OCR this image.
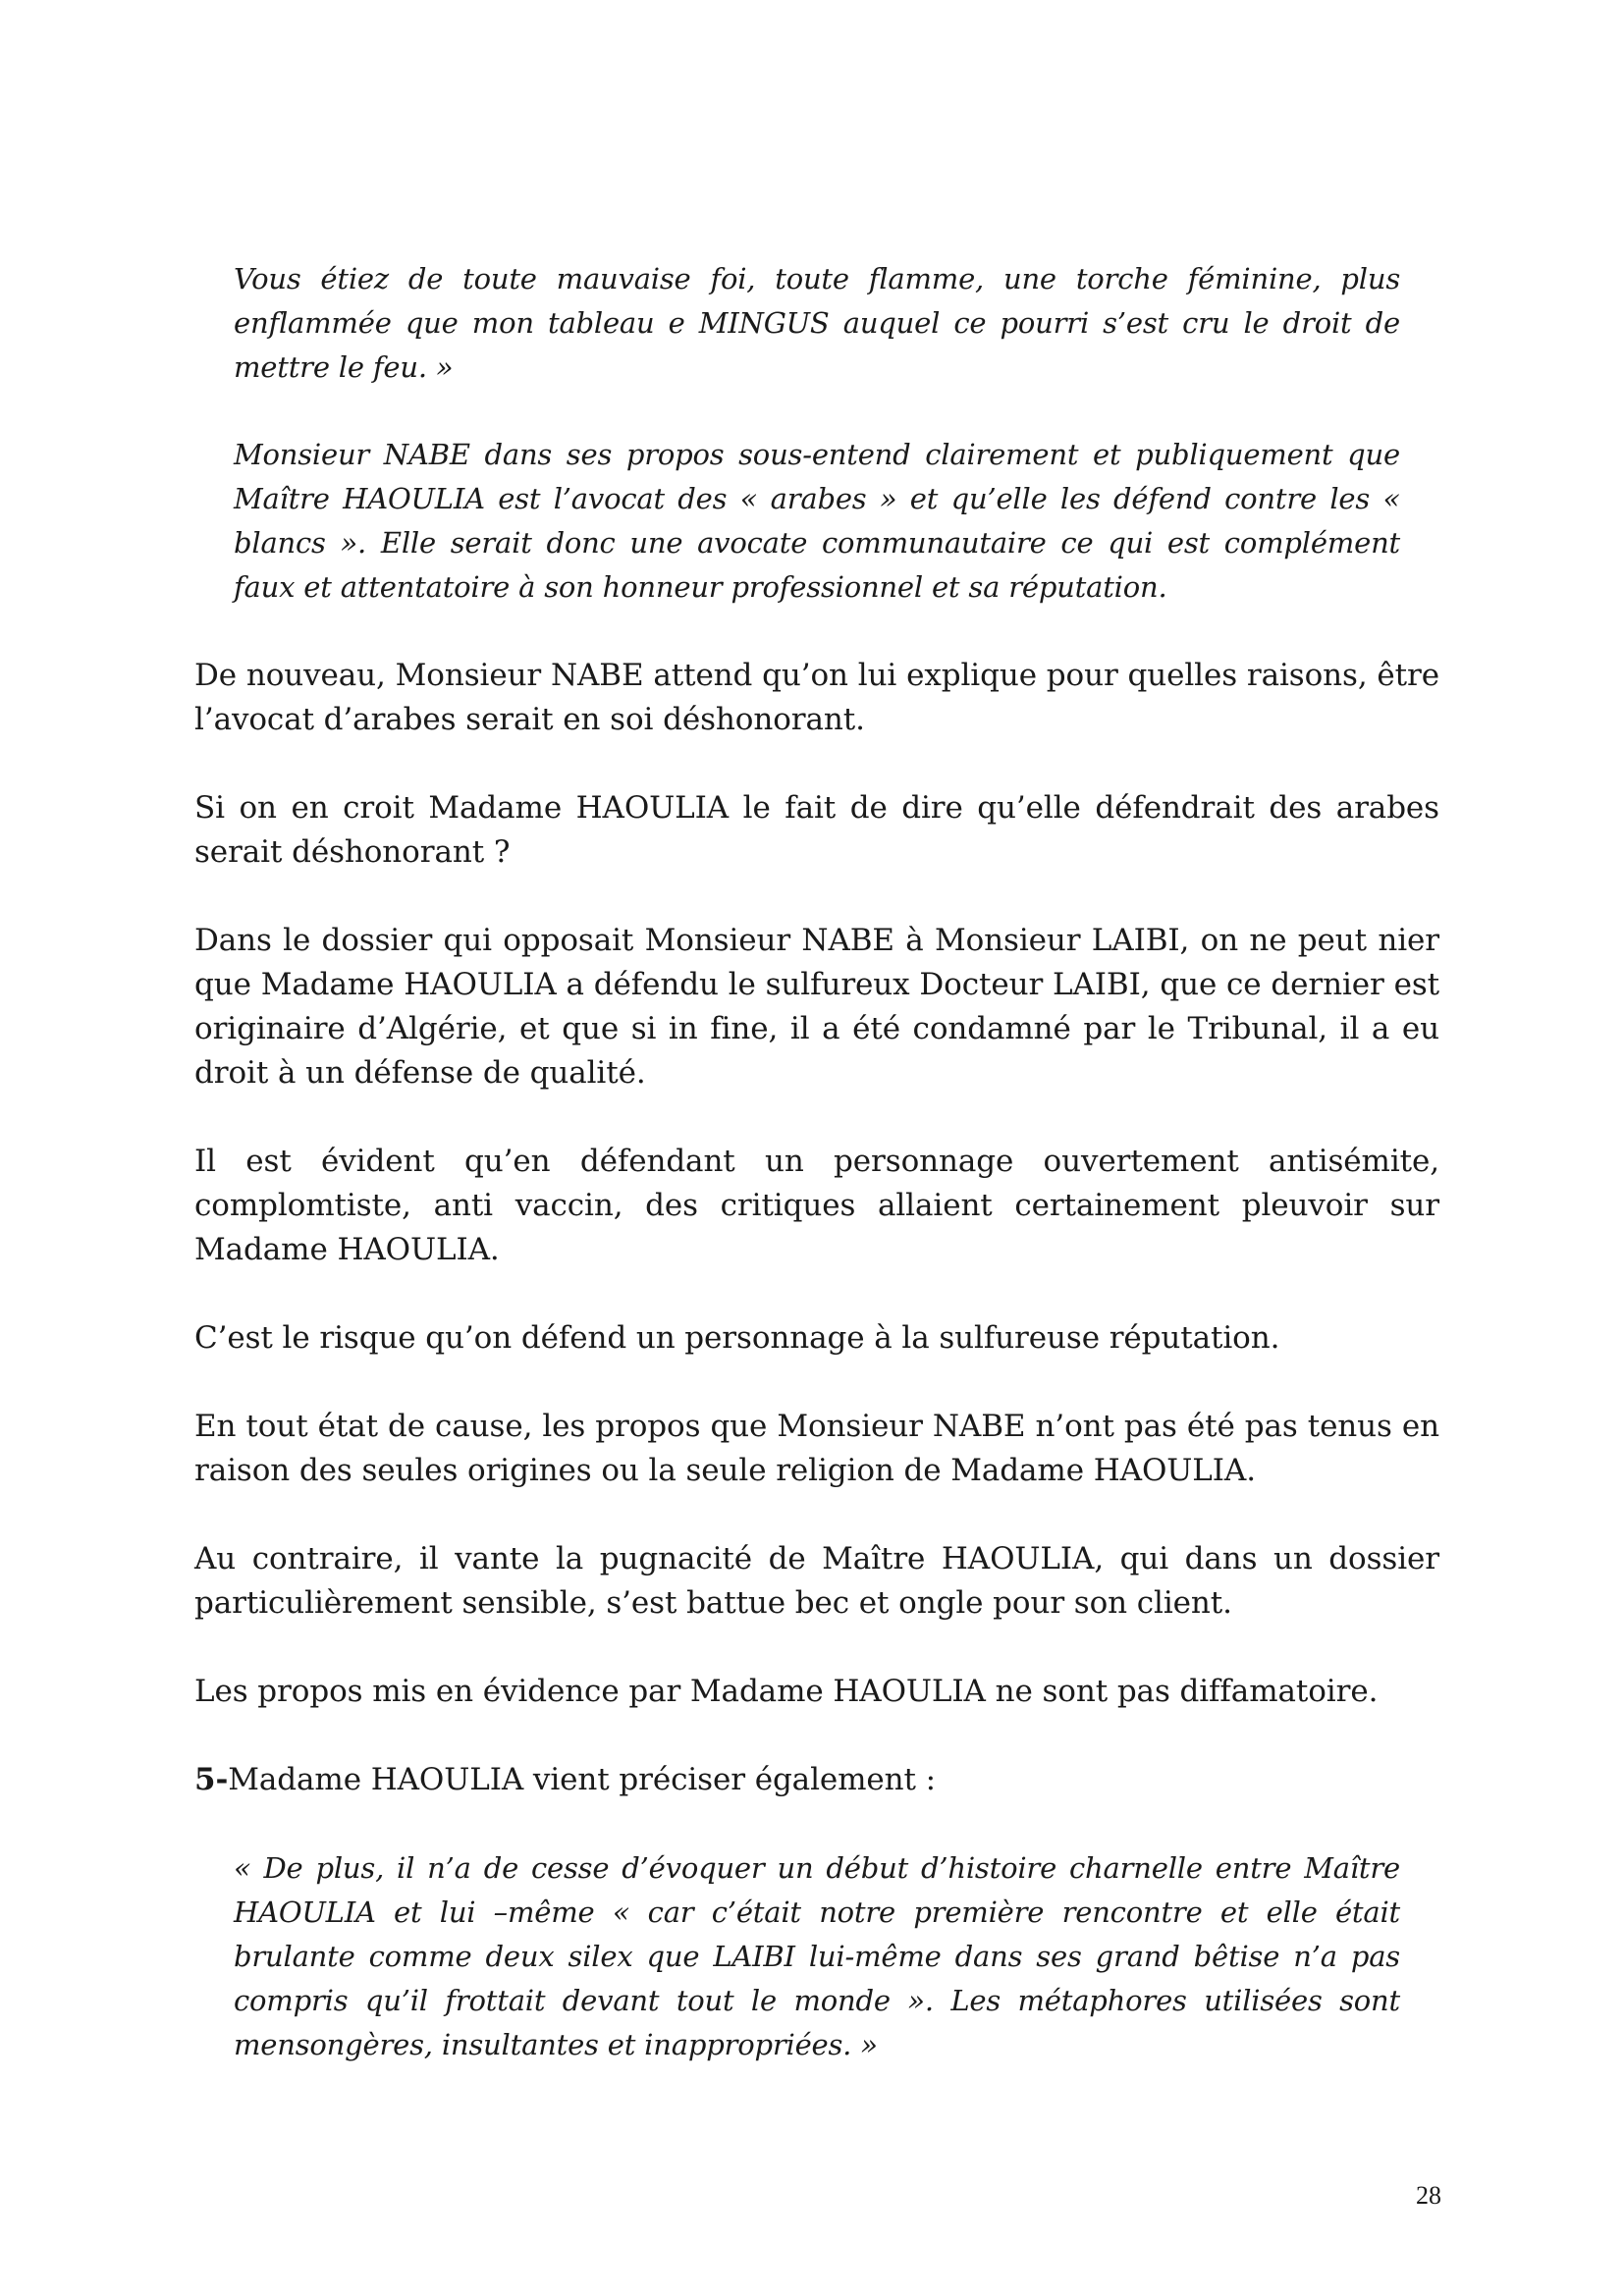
Vous étiez de toute mauvaise foi, toute flamme, une torche féminine, plus enflammée que mon tableau e MINGUS auquel ce pourri s’est cru le droit de mettre le feu. »
Monsieur NABE dans ses propos sous-entend clairement et publiquement que Maître HAOULIA est l’avocat des « arabes » et qu’elle les défend contre les « blancs ». Elle serait donc une avocate communautaire ce qui est complément faux et attentatoire à son honneur professionnel et sa réputation.
De nouveau, Monsieur NABE attend qu’on lui explique pour quelles raisons, être l’avocat d’arabes serait en soi déshonorant.
Si on en croit Madame HAOULIA le fait de dire qu’elle défendrait des arabes serait déshonorant ?
Dans le dossier qui opposait Monsieur NABE à Monsieur LAIBI, on ne peut nier que Madame HAOULIA a défendu le sulfureux Docteur LAIBI, que ce dernier est originaire d’Algérie, et que si in fine, il a été condamné par le Tribunal, il a eu droit à un défense de qualité.
Il est évident qu’en défendant un personnage ouvertement antisémite, complomtiste, anti vaccin, des critiques allaient certainement pleuvoir sur Madame HAOULIA.
C’est le risque qu’on défend un personnage à la sulfureuse réputation.
En tout état de cause, les propos que Monsieur NABE n’ont pas été pas tenus en raison des seules origines ou la seule religion de Madame HAOULIA.
Au contraire, il vante la pugnacité de Maître HAOULIA, qui dans un dossier particulièrement sensible, s’est battue bec et ongle pour son client.
Les propos mis en évidence par Madame HAOULIA ne sont pas diffamatoire.
5-Madame HAOULIA vient préciser également :
« De plus, il n’a de cesse d’évoquer un début d’histoire charnelle entre Maître HAOULIA et lui –même « car c’était notre première rencontre et elle était brulante comme deux silex que LAIBI lui-même dans ses grand bêtise n’a pas compris qu’il frottait devant tout le monde ». Les métaphores utilisées sont mensongères, insultantes et inappropriées. »
28
